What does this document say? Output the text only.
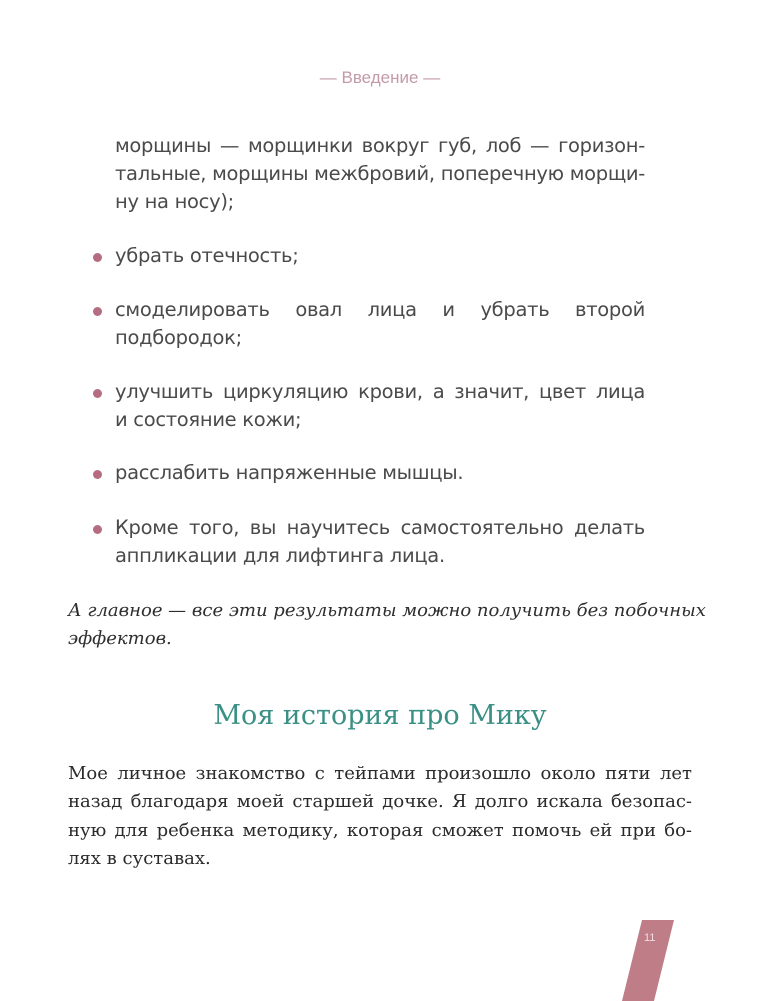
— Введение —
морщины — морщинки вокруг губ, лоб — горизон-
тальные, морщины межбровий, поперечную морщи-
ну на носу);
убрать отечность;
смоделировать овал лица и убрать второй
подбородок;
улучшить циркуляцию крови, а значит, цвет лица
и состояние кожи;
расслабить напряженные мышцы.
Кроме того, вы научитесь самостоятельно делать
аппликации для лифтинга лица.
А главное — все эти результаты можно получить без побочных
эффектов.
Моя история про Мику
Мое личное знакомство с тейпами произошло около пяти лет
назад благодаря моей старшей дочке. Я долго искала безопас-
ную для ребенка методику, которая сможет помочь ей при бо-
лях в суставах.
11
